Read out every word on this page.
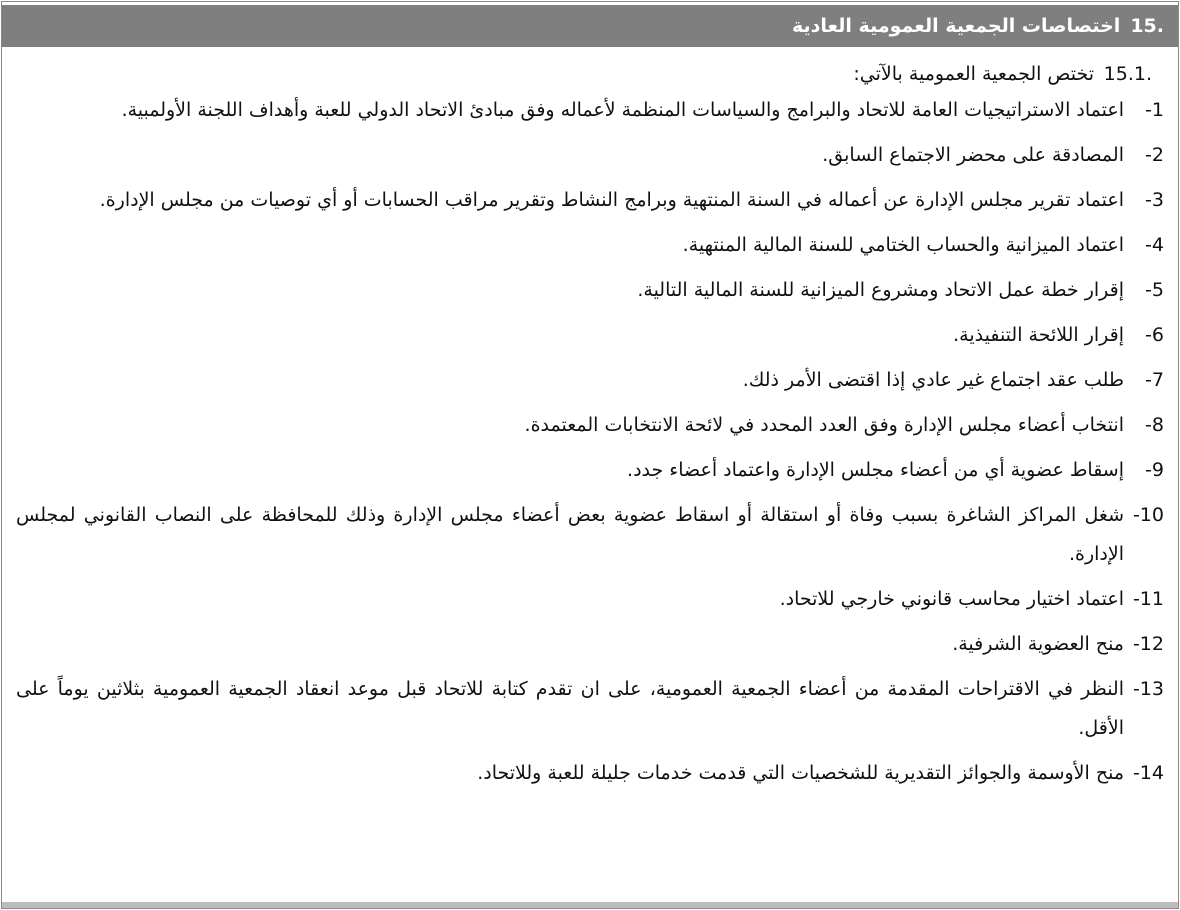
.15
اختصاصات الجمعية العمومية العادية
.15.1
تختص الجمعية العمومية بالآتي:
-1
اعتماد الاستراتيجيات العامة للاتحاد والبرامج والسياسات المنظمة لأعماله وفق مبادئ الاتحاد الدولي للعبة وأهداف اللجنة الأولمبية.
-2
المصادقة على محضر الاجتماع السابق.
-3
اعتماد تقرير مجلس الإدارة عن أعماله في السنة المنتهية وبرامج النشاط وتقرير مراقب الحسابات أو أي توصيات من مجلس الإدارة.
-4
اعتماد الميزانية والحساب الختامي للسنة المالية المنتهية.
-5
إقرار خطة عمل الاتحاد ومشروع الميزانية للسنة المالية التالية.
-6
إقرار اللائحة التنفيذية.
-7
طلب عقد اجتماع غير عادي إذا اقتضى الأمر ذلك.
-8
انتخاب أعضاء مجلس الإدارة وفق العدد المحدد في لائحة الانتخابات المعتمدة.
-9
إسقاط عضوية أي من أعضاء مجلس الإدارة واعتماد أعضاء جدد.
-10
شغل المراكز الشاغرة بسبب وفاة أو استقالة أو اسقاط عضوية بعض أعضاء مجلس الإدارة وذلك للمحافظة على النصاب القانوني لمجلس الإدارة.
-11
اعتماد اختيار محاسب قانوني خارجي للاتحاد.
-12
منح العضوية الشرفية.
-13
النظر في الاقتراحات المقدمة من أعضاء الجمعية العمومية، على ان تقدم كتابة للاتحاد قبل موعد انعقاد الجمعية العمومية بثلاثين يوماً على الأقل.
-14
منح الأوسمة والجوائز التقديرية للشخصيات التي قدمت خدمات جليلة للعبة وللاتحاد.
